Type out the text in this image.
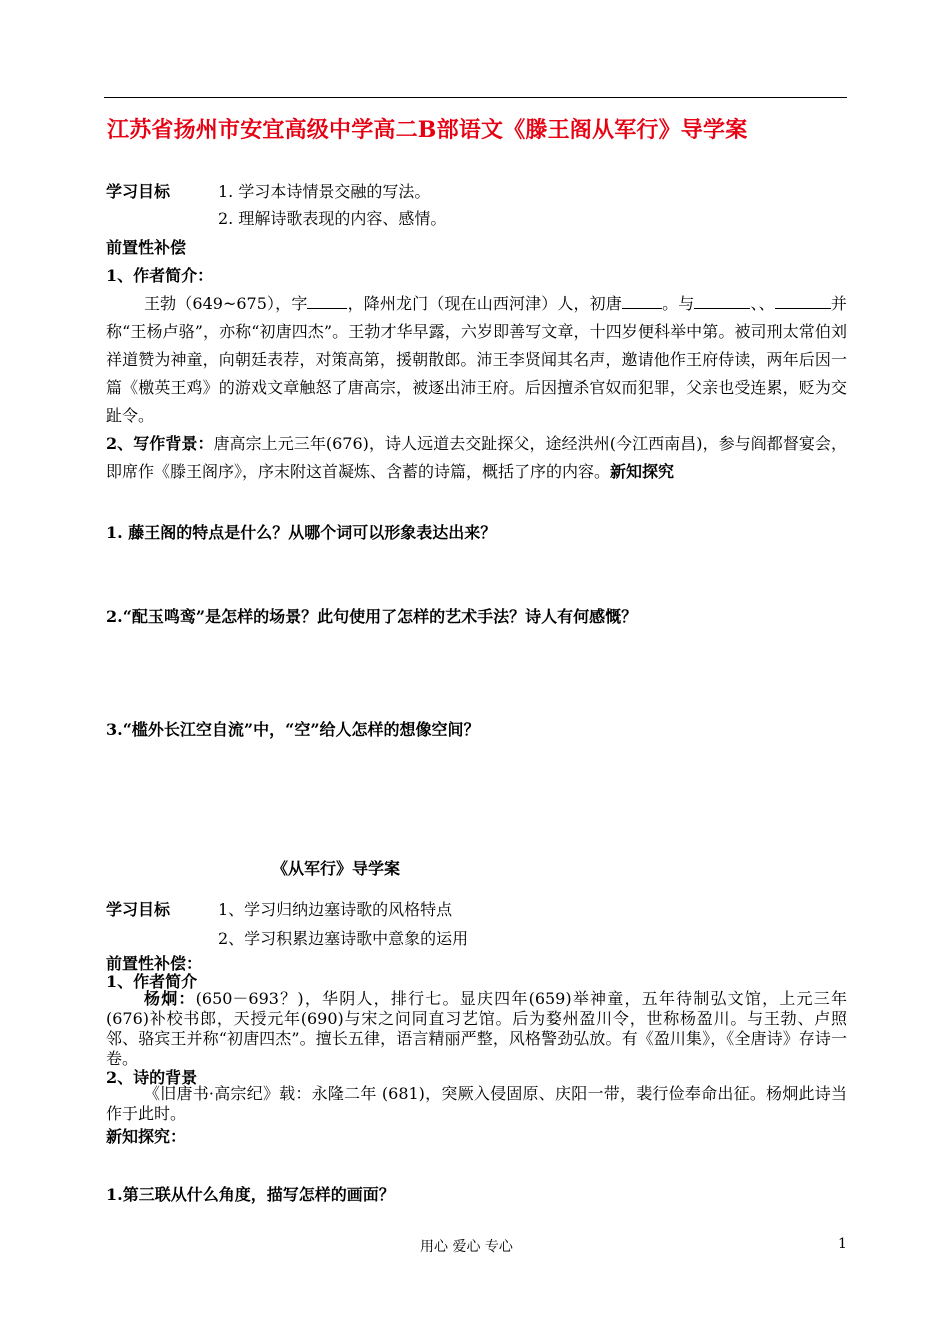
江苏省扬州市安宜高级中学高二B部语文《滕王阁从军行》导学案
学习目标	1. 学习本诗情景交融的写法。
2. 理解诗歌表现的内容、感情。
前置性补偿
1、作者简介：
王勃（649~675），字	，降州龙门（现在山西河津）人，初唐	。与	、、	并称“王杨卢骆”，亦称“初唐四杰”。王勃才华早露，六岁即善写文章，十四岁便科举中第。被司刑太常伯刘祥道赞为神童，向朝廷表荐，对策高第，援朝散郎。沛王李贤闻其名声，邀请他作王府侍读，两年后因一篇《檄英王鸡》的游戏文章触怒了唐高宗，被逐出沛王府。后因擅杀官奴而犯罪，父亲也受连累，贬为交趾令。
2、写作背景：唐高宗上元三年(676)，诗人远道去交趾探父，途经洪州(今江西南昌)，参与阎都督宴会，即席作《滕王阁序》，序末附这首凝炼、含蓄的诗篇，概括了序的内容。新知探究
1. 藤王阁的特点是什么？从哪个词可以形象表达出来？
2.“配玉鸣鸾”是怎样的场景？此句使用了怎样的艺术手法？诗人有何感慨？
3.“槛外长江空自流”中，“空”给人怎样的想像空间？
《从军行》导学案
学习目标	1、学习归纳边塞诗歌的风格特点
2、学习积累边塞诗歌中意象的运用
前置性补偿：
1、作者简介
杨炯：(650－693？)，华阴人，排行七。显庆四年(659)举神童，五年待制弘文馆，上元三年(676)补校书郎，天授元年(690)与宋之问同直习艺馆。后为婺州盈川令，世称杨盈川。与王勃、卢照邻、骆宾王并称“初唐四杰”。擅长五律，语言精丽严整，风格警劲弘放。有《盈川集》，《全唐诗》存诗一卷。
2、诗的背景
《旧唐书·高宗纪》载：永隆二年 (681)，突厥入侵固原、庆阳一带，裴行俭奉命出征。杨炯此诗当作于此时。
新知探究：
1.第三联从什么角度，描写怎样的画面？
用心 爱心 专心	1
